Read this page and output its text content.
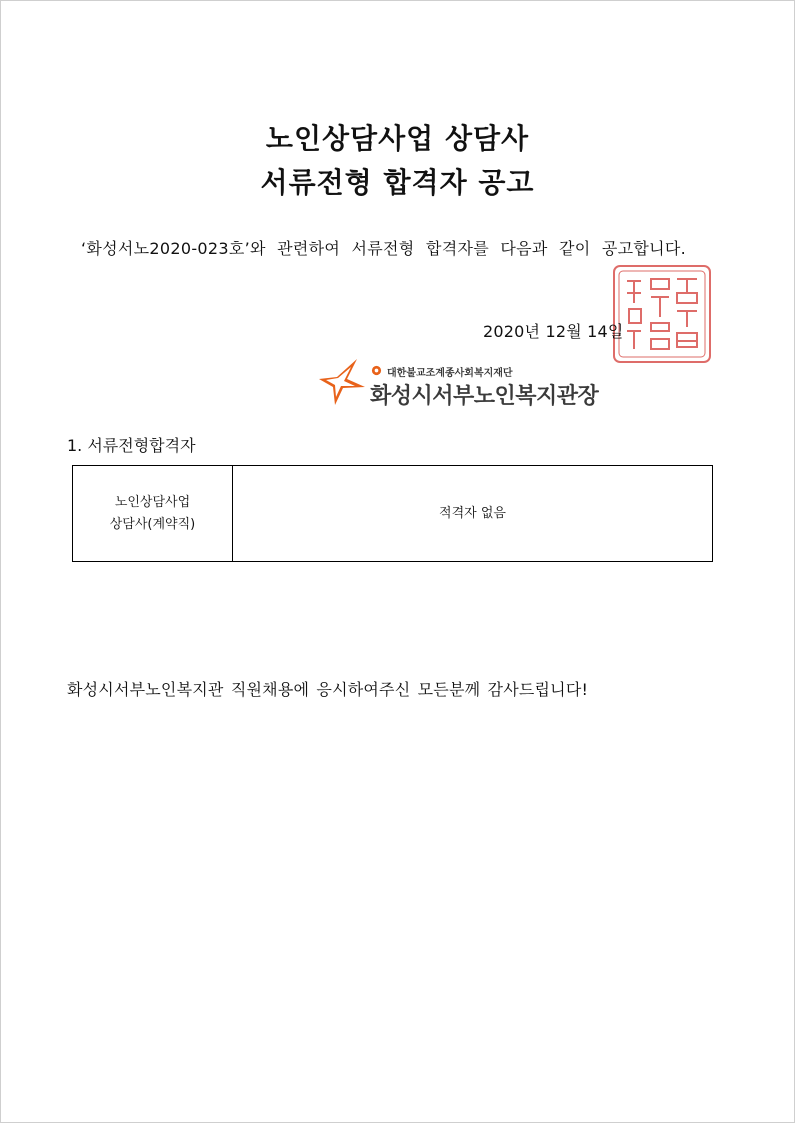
노인상담사업 상담사
서류전형 합격자 공고
‘화성서노2020-023호’와 관련하여 서류전형 합격자를 다음과 같이 공고합니다.
2020년 12월 14일
대한불교조계종사회복지재단
화성시서부노인복지관장
1. 서류전형합격자
노인상담사업
상담사(계약직)
	적격자 없음
화성시서부노인복지관 직원채용에 응시하여주신 모든분께 감사드립니다!
